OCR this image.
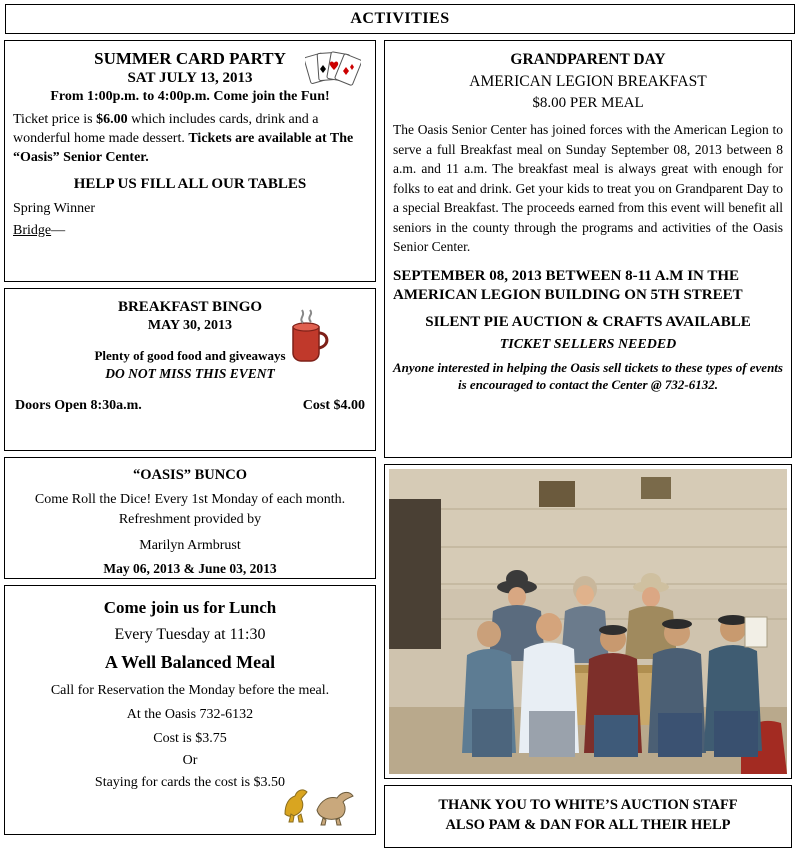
ACTIVITIES
SUMMER CARD PARTY
SAT JULY 13, 2013
From 1:00p.m. to 4:00p.m. Come join the Fun!
Ticket price is $6.00 which includes cards, drink and a wonderful home made dessert. Tickets are available at The “Oasis” Senior Center.
HELP US FILL ALL OUR TABLES
Spring Winner
Bridge—
BREAKFAST BINGO
MAY 30, 2013
Plenty of good food and giveaways
DO NOT MISS THIS EVENT
Doors Open 8:30a.m.	Cost $4.00
“OASIS” BUNCO
Come Roll the Dice! Every 1st Monday of each month. Refreshment provided by
Marilyn Armbrust
May 06, 2013 & June 03, 2013
Come join us for Lunch
Every Tuesday at 11:30
A Well Balanced Meal
Call for Reservation the Monday before the meal.
At the Oasis 732-6132
Cost is $3.75
Or
Staying for cards the cost is $3.50
GRANDPARENT DAY
AMERICAN LEGION BREAKFAST
$8.00 PER MEAL
The Oasis Senior Center has joined forces with the American Legion to serve a full Breakfast meal on Sunday September 08, 2013 between 8 a.m. and 11 a.m. The breakfast meal is always great with enough for folks to eat and drink. Get your kids to treat you on Grandparent Day to a special Breakfast. The proceeds earned from this event will benefit all seniors in the county through the programs and activities of the Oasis Senior Center.
SEPTEMBER 08, 2013 BETWEEN 8-11 A.M IN THE AMERICAN LEGION BUILDING ON 5TH STREET
SILENT PIE AUCTION & CRAFTS AVAILABLE
TICKET SELLERS NEEDED
Anyone interested in helping the Oasis sell tickets to these types of events is encouraged to contact the Center @ 732-6132.
THANK YOU TO WHITE’S AUCTION STAFF
ALSO PAM & DAN FOR ALL THEIR HELP
